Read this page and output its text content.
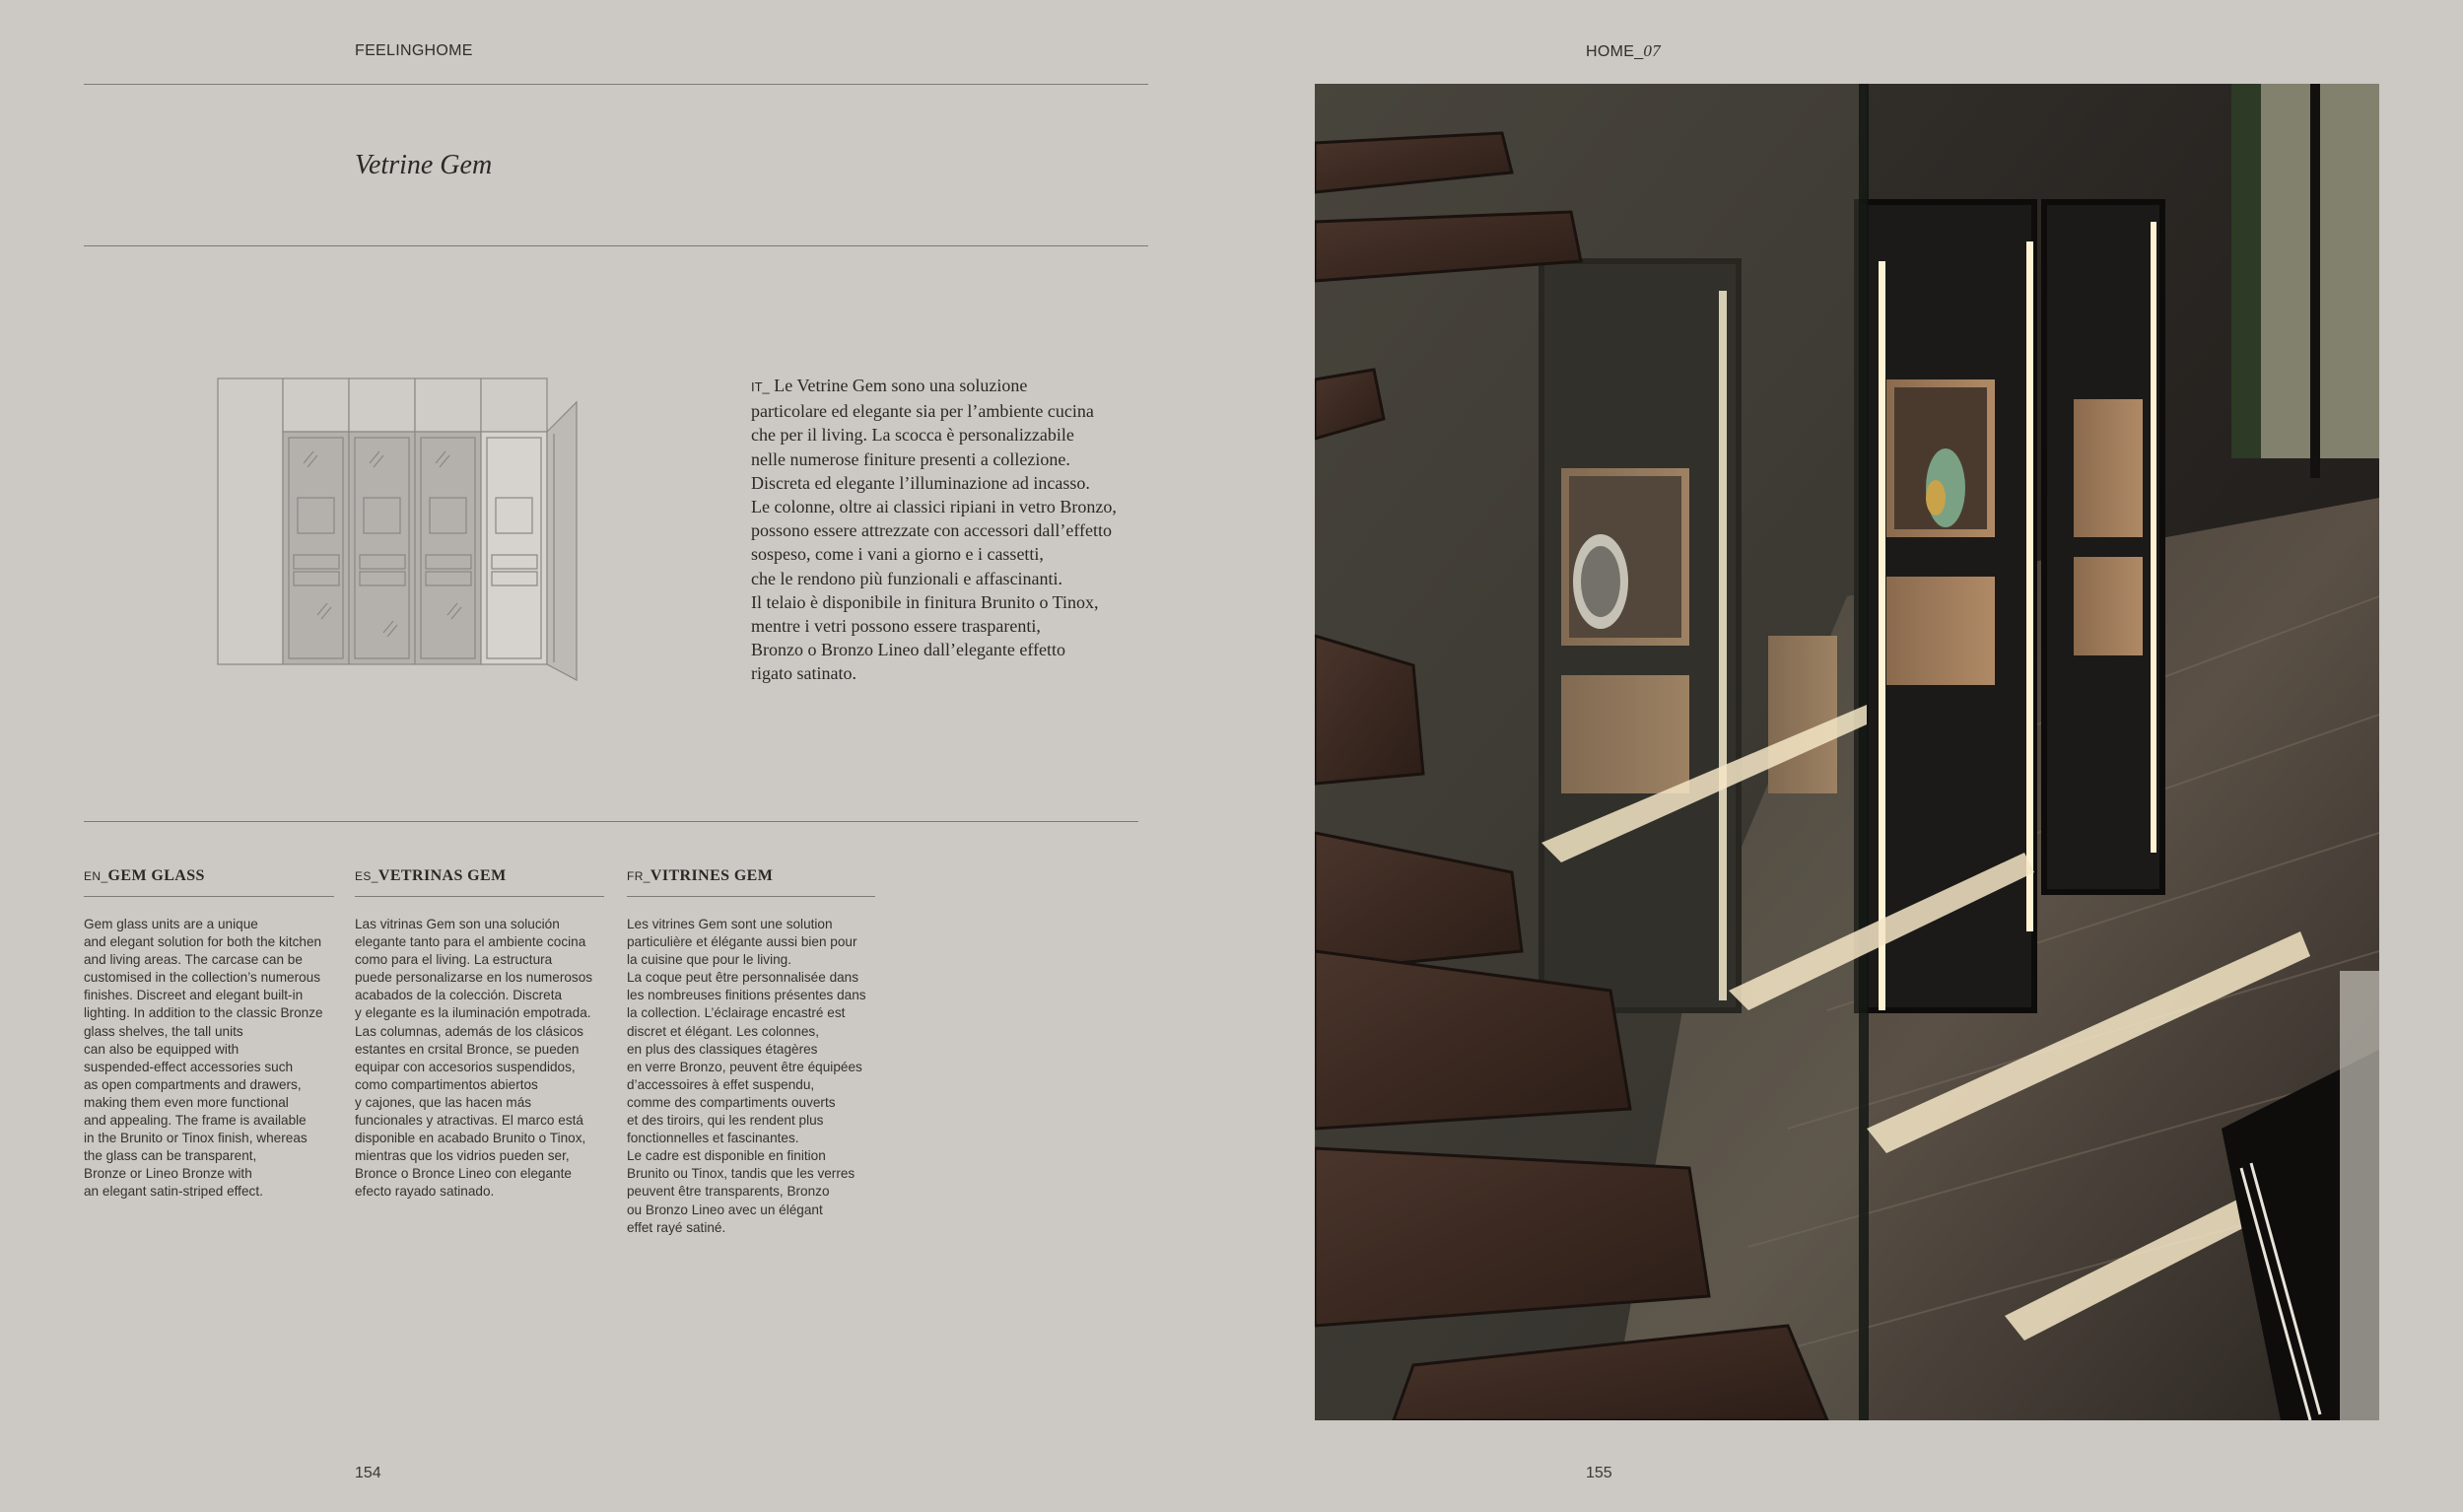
FEELINGHOME	HOME_07
Vetrine Gem
IT_ Le Vetrine Gem sono una soluzione
particolare ed elegante sia per l’ambiente cucina
che per il living. La scocca è personalizzabile
nelle numerose finiture presenti a collezione.
Discreta ed elegante l’illuminazione ad incasso.
Le colonne, oltre ai classici ripiani in vetro Bronzo,
possono essere attrezzate con accessori dall’effetto
sospeso, come i vani a giorno e i cassetti,
che le rendono più funzionali e affascinanti.
Il telaio è disponibile in finitura Brunito o Tinox,
mentre i vetri possono essere trasparenti,
Bronzo o Bronzo Lineo dall’elegante effetto
rigato satinato.
EN_GEM GLASS
Gem glass units are a unique
and elegant solution for both the kitchen
and living areas. The carcase can be
customised in the collection’s numerous
finishes. Discreet and elegant built-in
lighting. In addition to the classic Bronze
glass shelves, the tall units
can also be equipped with
suspended-effect accessories such
as open compartments and drawers,
making them even more functional
and appealing. The frame is available
in the Brunito or Tinox finish, whereas
the glass can be transparent,
Bronze or Lineo Bronze with
an elegant satin-striped effect.
ES_VETRINAS GEM
Las vitrinas Gem son una solución
elegante tanto para el ambiente cocina
como para el living. La estructura
puede personalizarse en los numerosos
acabados de la colección. Discreta
y elegante es la iluminación empotrada.
Las columnas, además de los clásicos
estantes en crsital Bronce, se pueden
equipar con accesorios suspendidos,
como compartimentos abiertos
y cajones, que las hacen más
funcionales y atractivas. El marco está
disponible en acabado Brunito o Tinox,
mientras que los vidrios pueden ser,
Bronce o Bronce Lineo con elegante
efecto rayado satinado.
FR_VITRINES GEM
Les vitrines Gem sont une solution
particulière et élégante aussi bien pour
la cuisine que pour le living.
La coque peut être personnalisée dans
les nombreuses finitions présentes dans
la collection. L’éclairage encastré est
discret et élégant. Les colonnes,
en plus des classiques étagères
en verre Bronzo, peuvent être équipées
d’accessoires à effet suspendu,
comme des compartiments ouverts
et des tiroirs, qui les rendent plus
fonctionnelles et fascinantes.
Le cadre est disponible en finition
Brunito ou Tinox, tandis que les verres
peuvent être transparents, Bronzo
ou Bronzo Lineo avec un élégant
effet rayé satiné.
154	155
